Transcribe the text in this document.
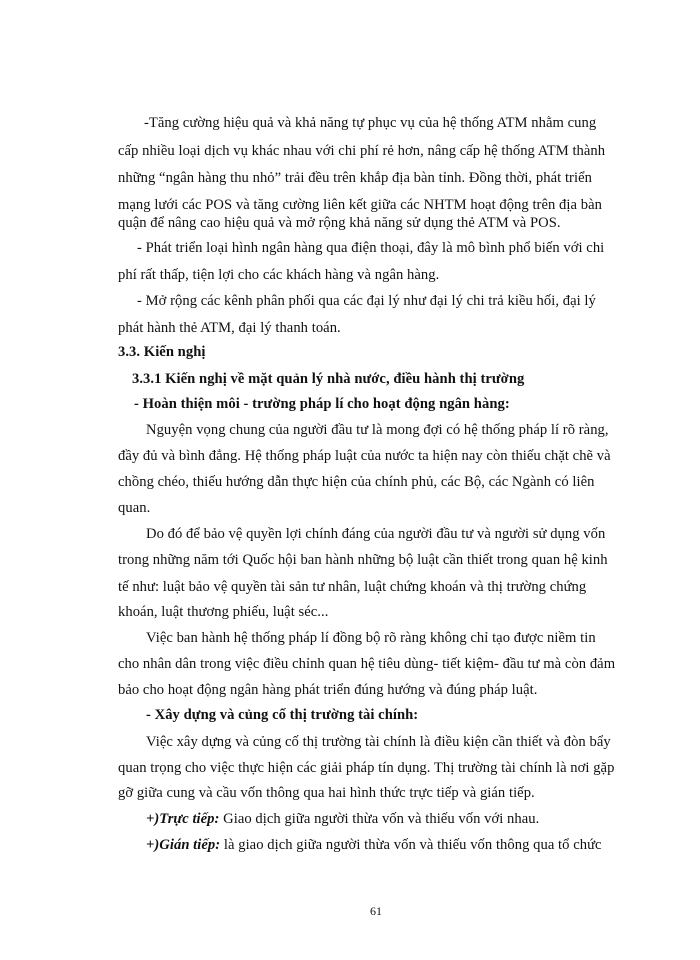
-Tăng cường hiệu quả và khả năng tự phục vụ của hệ thống ATM nhằm cung
cấp nhiều loại dịch vụ khác nhau với chi phí rẻ hơn, nâng cấp hệ thống ATM thành
những “ngân hàng thu nhỏ” trải đều trên khắp địa bàn tỉnh. Đồng thời, phát triển
mạng lưới các POS và tăng cường liên kết giữa các NHTM hoạt động trên địa bàn
quận để nâng cao hiệu quả và mở rộng khả năng sử dụng thẻ ATM và POS.
- Phát triển loại hình ngân hàng qua điện thoại, đây là mô bình phổ biến với chi
phí rất thấp, tiện lợi cho các khách hàng và ngân hàng.
- Mở rộng các kênh phân phối qua các đại lý như đại lý chi trả kiều hối, đại lý
phát hành thẻ ATM, đại lý thanh toán.
3.3. Kiến nghị
3.3.1 Kiến nghị về mặt quản lý nhà nước, điều hành thị trường
- Hoàn thiện môi - trường pháp lí cho hoạt động ngân hàng:
Nguyện vọng chung của người đầu tư là mong đợi có hệ thống pháp lí rõ ràng,
đầy đủ và bình đẳng. Hệ thống pháp luật của nước ta hiện nay còn thiếu chặt chẽ và
chồng chéo, thiếu hướng dẫn thực hiện của chính phủ, các Bộ, các Ngành có liên
quan.
Do đó để bảo vệ quyền lợi chính đáng của người đầu tư và người sử dụng vốn
trong những năm tới Quốc hội ban hành những bộ luật cần thiết trong quan hệ kinh
tế như: luật bảo vệ quyền tài sản tư nhân, luật chứng khoán và thị trường chứng
khoán, luật thương phiếu, luật séc...
Việc ban hành hệ thống pháp lí đồng bộ rõ ràng không chỉ tạo được niềm tin
cho nhân dân trong việc điều chỉnh quan hệ tiêu dùng- tiết kiệm- đầu tư mà còn đảm
bảo cho hoạt động ngân hàng phát triển đúng hướng và đúng pháp luật.
- Xây dựng và củng cố thị trường tài chính:
Việc xây dựng và củng cố thị trường tài chính là điều kiện cần thiết và đòn bẩy
quan trọng cho việc thực hiện các giải pháp tín dụng. Thị trường tài chính là nơi gặp
gỡ giữa cung và cầu vốn thông qua hai hình thức trực tiếp và gián tiếp.
+)Trực tiếp: Giao dịch giữa người thừa vốn và thiếu vốn với nhau.
+)Gián tiếp: là giao dịch giữa người thừa vốn và thiếu vốn thông qua tổ chức
61
